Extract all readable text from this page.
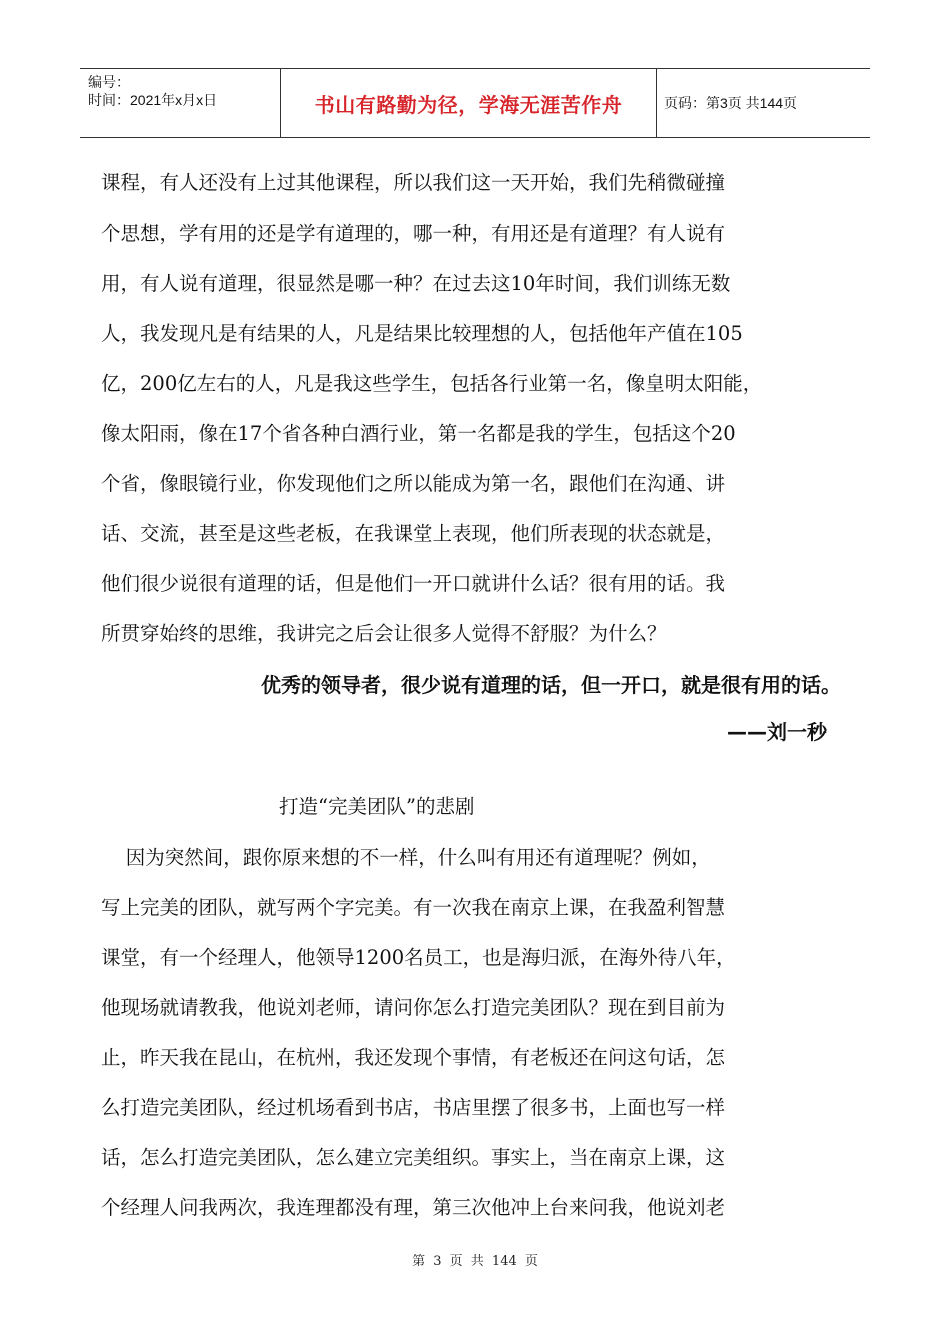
编号：
时间：2021年x月x日	书山有路勤为径，学海无涯苦作舟	页码：第3页 共144页
课程，有人还没有上过其他课程，所以我们这一天开始，我们先稍微碰撞
个思想，学有用的还是学有道理的，哪一种，有用还是有道理？有人说有
用，有人说有道理，很显然是哪一种？在过去这10年时间，我们训练无数
人，我发现凡是有结果的人，凡是结果比较理想的人，包括他年产值在105
亿，200亿左右的人，凡是我这些学生，包括各行业第一名，像皇明太阳能，
像太阳雨，像在17个省各种白酒行业，第一名都是我的学生，包括这个20
个省，像眼镜行业，你发现他们之所以能成为第一名，跟他们在沟通、讲
话、交流，甚至是这些老板，在我课堂上表现，他们所表现的状态就是，
他们很少说很有道理的话，但是他们一开口就讲什么话？很有用的话。我
所贯穿始终的思维，我讲完之后会让很多人觉得不舒服？为什么？
优秀的领导者，很少说有道理的话，但一开口，就是很有用的话。
——刘一秒
打造“完美团队”的悲剧
因为突然间，跟你原来想的不一样，什么叫有用还有道理呢？例如，
写上完美的团队，就写两个字完美。有一次我在南京上课，在我盈利智慧
课堂，有一个经理人，他领导1200名员工，也是海归派，在海外待八年，
他现场就请教我，他说刘老师，请问你怎么打造完美团队？现在到目前为
止，昨天我在昆山，在杭州，我还发现个事情，有老板还在问这句话，怎
么打造完美团队，经过机场看到书店，书店里摆了很多书，上面也写一样
话，怎么打造完美团队，怎么建立完美组织。事实上，当在南京上课，这
个经理人问我两次，我连理都没有理，第三次他冲上台来问我，他说刘老
第 3 页 共 144 页
